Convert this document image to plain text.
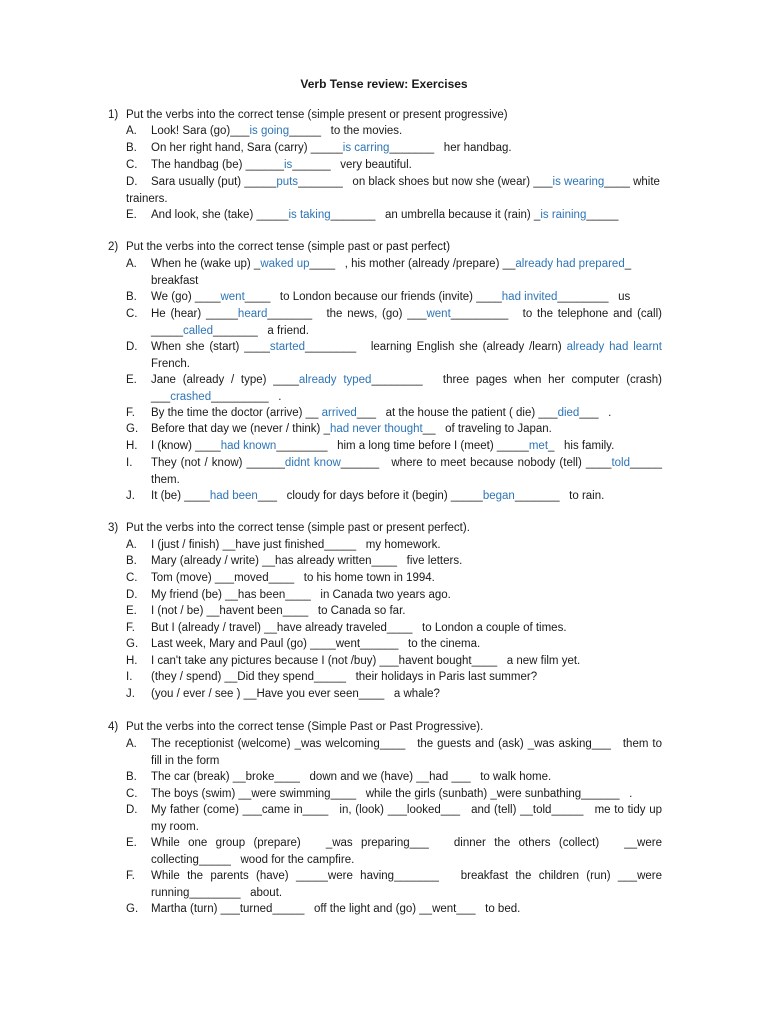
Verb Tense review: Exercises
1) Put the verbs into the correct tense (simple present or present progressive)
A.	Look! Sara (go)___is going_____   to the movies.
B.	On her right hand, Sara (carry) _____is carring_______   her handbag.
C.	The handbag (be) ______is______   very beautiful.
D.	Sara usually (put) _____puts_______   on black shoes but now she (wear) ___is wearing____ white trainers.
E.	And look, she (take) _____is taking_______   an umbrella because it (rain) _is raining_____
2) Put the verbs into the correct tense (simple past or past perfect)
A.	When he (wake up) _waked up____   , his mother (already /prepare) __already had prepared_ breakfast
B.	We (go) ____went____   to London because our friends (invite) ____had invited________   us
C.	He (hear) _____heard_______   the news, (go) ___went_________   to the telephone and (call) _____called_______   a friend.
D.	When she (start) ____started________   learning English she (already /learn) already had learnt  French.
E.	Jane (already / type) ____already typed________   three pages when her computer (crash) ___crashed_________   .
F.	By the time the doctor (arrive) __ arrived___   at the house the patient ( die) ___died___   .
G.	Before that day we (never / think) _had never thought__   of traveling to Japan.
H.	I (know) ____had known________   him a long time before I (meet) _____met_   his family.
I.	They (not / know) ______didnt know______   where to meet because nobody (tell) ____told_____   them.
J.	It (be) ____had been___   cloudy for days before it (begin) _____began_______   to rain.
3) Put the verbs into the correct tense (simple past or present perfect).
A.	I (just / finish) __have just finished_____   my homework.
B.	Mary (already / write) __has already written____   five letters.
C.	Tom (move) ___moved____   to his home town in 1994.
D.	My friend (be) __has been____   in Canada two years ago.
E.	I (not / be) __havent been____   to Canada so far.
F.	But I (already / travel) __have already traveled____   to London a couple of times.
G.	Last week, Mary and Paul (go) ____went______   to the cinema.
H.	I can't take any pictures because I (not /buy) ___havent bought____   a new film yet.
I.	(they / spend) __Did they spend_____   their holidays in Paris last summer?
J.	(you / ever / see ) __Have you ever seen____   a whale?
4) Put the verbs into the correct tense (Simple Past or Past Progressive).
A.	The receptionist (welcome) _was welcoming____   the guests and (ask) _was asking___   them to fill in the form
B.	The car (break) __broke____   down and we (have) __had ___   to walk home.
C.	The boys (swim) __were swimming____   while the girls (sunbath) _were sunbathing______   .
D.	My father (come) ___came in____   in, (look) ___looked___   and (tell) __told_____   me to tidy up my room.
E.	While one group (prepare)   _was preparing___   dinner the others (collect)   __were collecting_____   wood for the campfire.
F.	While the parents (have) _____were having_______   breakfast the children (run) ___were running________   about.
G.	Martha (turn) ___turned_____   off the light and (go) __went___   to bed.
